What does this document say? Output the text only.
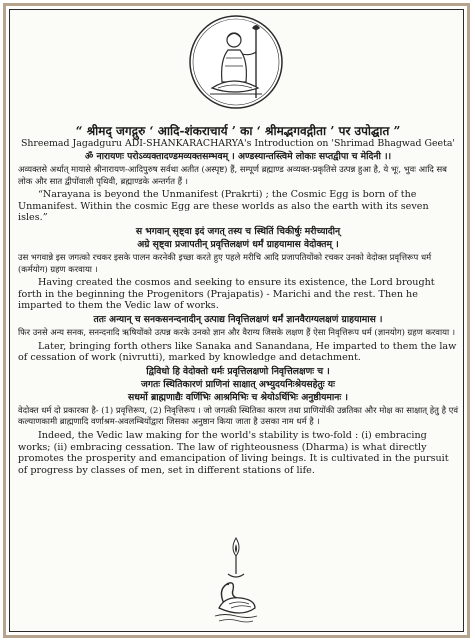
“ श्रीमद् जगद्गुरु ‘ आदि-शंकराचार्य ’ का ‘ श्रीमद्भगवद्गीता ’ पर उपोद्घात ”

Shreemad Jagadguru ADI-SHANKARACHARYA's Introduction on 'Shrimad Bhagwad Geeta'

ॐ नारायणः परोऽव्यक्तादण्डमव्यक्तसम्भवम् । अण्डस्यान्तस्त्विमे लोकाः सप्तद्वीपा च मेदिनी ।।

अव्यक्तसे अर्थात् मायासे श्रीनारायण-आदिपुरुष सर्वथा अतीत (अस्पृष्ट) हैं, सम्पूर्ण ब्रह्माण्ड अव्यक्त-प्रकृतिसे उत्पन्न हुआ है, ये भूः, भुवः आदि सब लोक और सात द्वीपोंवाली पृथिवी, ब्रह्माण्डके अन्तर्गत हैं ।

“Narayana is beyond the Unmanifest (Prakrti) ; the Cosmic Egg is born of the Unmanifest. Within the cosmic Egg are these worlds as also the earth with its seven isles.”

स भगवान् सृष्ट्वा इदं जगत् तस्य च स्थितिं चिकीर्षुः मरीच्यादीन्

अग्रे सृष्ट्वा प्रजापतीन् प्रवृत्तिलक्षणं धर्मं ग्राहयामास वेदोक्तम् ।

उस भगवान्ने इस जगत्को रचकर इसके पालन करनेकी इच्छा करते हुए पहले मरीचि आदि प्रजापतियोंको रचकर उनको वेदोक्त प्रवृत्तिरूप धर्म (कर्मयोग) ग्रहण करवाया ।

Having created the cosmos and seeking to ensure its existence, the Lord brought forth in the beginning the Progenitors (Prajapatis) - Marichi and the rest. Then he imparted to them the Vedic law of works.

ततः अन्यान् च सनकसनन्दनादीन् उत्पाद्य निवृत्तिलक्षणं धर्मं ज्ञानवैराग्यलक्षणं ग्राहयामास ।

फिर उनसे अन्य सनक, सनन्दनादि ऋषियोंको उत्पन्न करके उनको ज्ञान और वैराग्य जिसके लक्षण हैं ऐसा निवृत्तिरूप धर्म (ज्ञानयोग) ग्रहण करवाया ।

Later, bringing forth others like Sanaka and Sanandana, He imparted to them the law of cessation of work (nivrutti), marked by knowledge and detachment.

द्विविधो हि वेदोक्तो धर्मः प्रवृत्तिलक्षणो निवृत्तिलक्षणः च ।

जगतः स्थितिकारणं प्राणिनां साक्षात् अभ्युदयनिःश्रेयसहेतुः यः

सधर्मो ब्राह्मणाद्यैः वर्णिभिः आश्रमिभिः च श्रेयोऽर्थिभिः अनुष्ठीयमानः ।

वेदोक्त धर्म दो प्रकारका है- (1) प्रवृत्तिरूप, (2) निवृत्तिरूप । जो जगत्की स्थितिका कारण तथा प्राणियोंकी उन्नतिका और मोक्ष का साक्षात् हेतु है एवं कल्याणकामी ब्राह्मणादि वर्णाश्रम-अवलम्बियोंद्वारा जिसका अनुष्ठान किया जाता है उसका नाम धर्म है ।

Indeed, the Vedic law making for the world's stability is two-fold : (i) embracing works; (ii) embracing cessation. The law of righteousness (Dharma) is what directly promotes the prosperity and emancipation of living beings. It is cultivated in the pursuit of progress by classes of men, set in different stations of life.
